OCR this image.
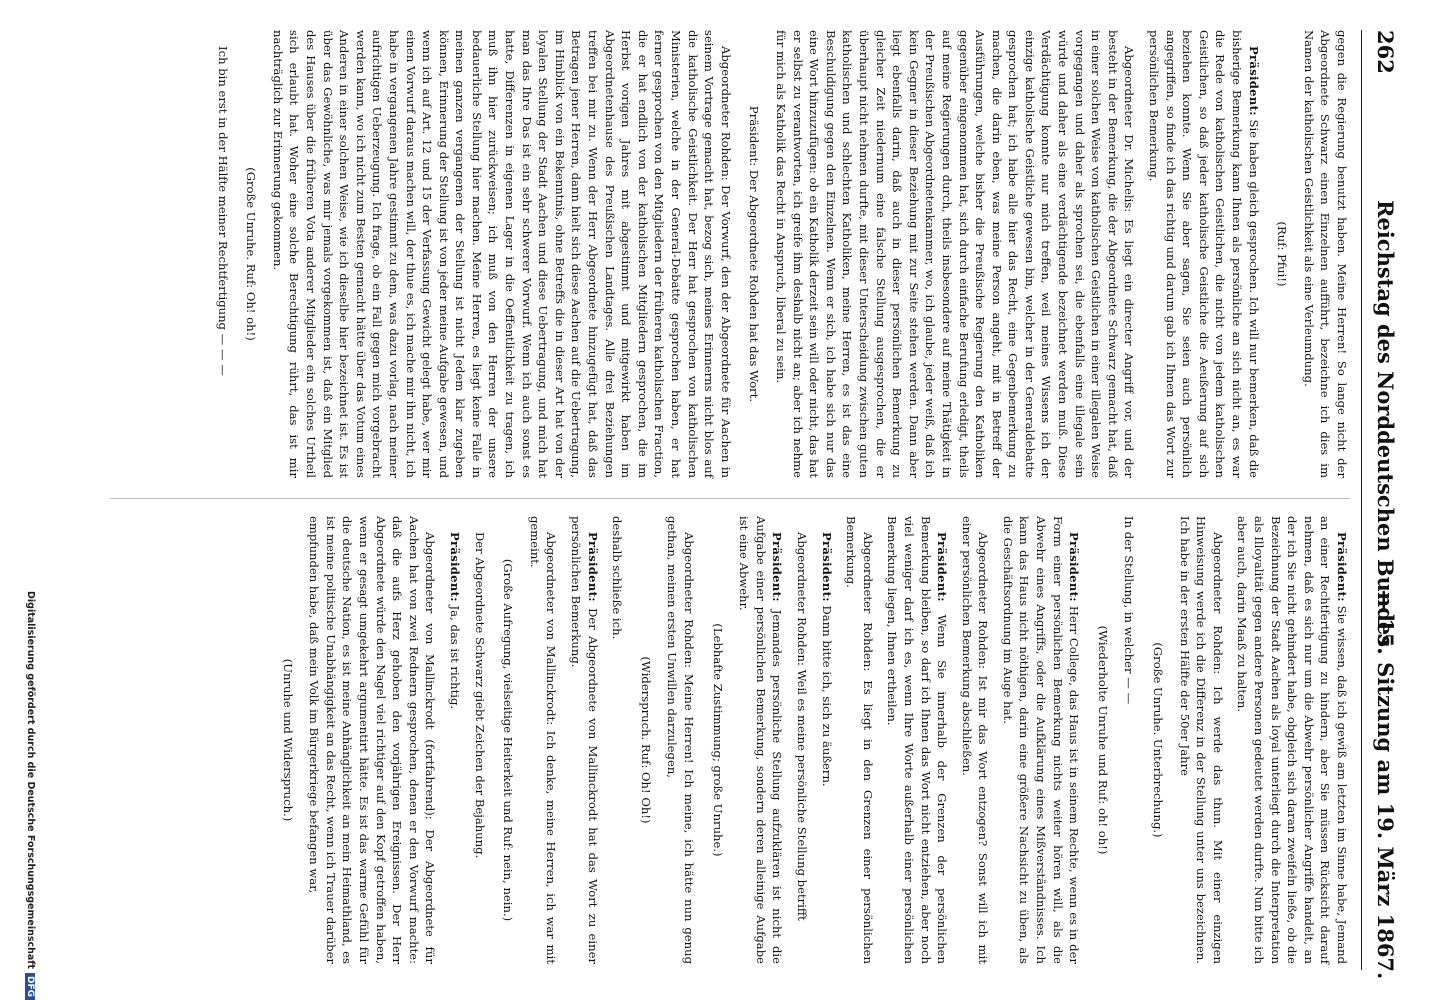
262
Reichstag des Norddeutschen Bundes.
— 15. Sitzung am 19. März 1867.

gegen die Regierung benutzt haben. Meine Herren! So lange nicht der Abgeordnete Schwarz einen Einzelnen aufführt, bezeichne ich dies im Namen der katholischen Geistlichkeit als eine Verleumdung.

(Ruf: Pfui!)

Präsident: Sie haben gleich gesprochen. Ich will nur bemerken, daß die bisherige Bemerkung kann Ihnen als persönliche an sich nicht an, es war die Rede von katholischen Geistlichen, die nicht von jedem katholischen Geistlichen, so daß jeder katholische Geistliche die Aeußerung auf sich beziehen konnte. Wenn Sie aber sagen, Sie seien auch persönlich angegriffen, so finde ich das richtig und darum gab ich Ihnen das Wort zur persönlichen Bemerkung.

Abgeordneter Dr. Michelis: Es liegt ein directer Angriff vor, und der besteht in der Bemerkung, die der Abgeordnete Schwarz gemacht hat, daß in einer solchen Weise von katholischen Geistlichen in einer illegalen Weise vorgegangen und daher als sprochen sei, die ebenfalls eine illegale sein würde und daher als eine verdächtigende bezeichnet werden muß. Diese Verdächtigung konnte nur mich treffen, weil meines Wissens ich der einzige katholische Geistliche gewesen bin, welcher in der Generaldebatte gesprochen hat; ich habe alle hier das Recht, eine Gegenbemerkung zu machen, die darin eben, was meine Person angeht, mit in Betreff der Ausführungen, welche bisher die Preußische Regierung den Katholiken gegenüber eingenommen hat, sich durch einfache Berufung erledigt, theils auf meine Regierungen durch, theils insbesondere auf meine Thätigkeit in der Preußischen Abgeordnetenkammer, wo, ich glaube, jeder weiß, daß ich kein Gegner in dieser Beziehung mit zur Seite stehen werden. Dann aber liegt ebenfalls darin, daß auch in dieser persönlichen Bemerkung zu gleicher Zeit niedernum eine falsche Stellung ausgesprochen, die er überhaupt nicht nehmen durfte, mit dieser Unterscheidung zwischen guten katholischen und schlechten Katholiken, meine Herren, es ist das eine Beschuldigung gegen den Einzelnen. Wenn er sich, ich habe sich nur das eine Wort hinzuzufügen: ob ein Katholik derzeit sein will oder nicht, das hat er selbst zu verantworten, ich greife ihm deshalb nicht an; aber ich nehme für mich als Katholik das Recht in Anspruch, liberal zu sein.

Präsident: Der Abgeordnete Rohden hat das Wort.

Abgeordneter Rohden: Der Vorwurf, den der Abgeordnete für Aachen in seinem Vortrage gemacht hat, bezog sich, meines Erinnerns nicht blos auf die katholische Geistlichkeit. Der Herr hat gesprochen von katholischen Ministerien, welche in der General-Debatte gesprochen haben, er hat ferner gesprochen von den Mitgliedern der früheren katholischen Fraction, die er hat endlich von der katholischen Mitgliedern gesprochen, die im Herbst vorigen Jahres mit abgestimmt und mitgewirkt haben im Abgeordnetenhause des Preußischen Landtages. Alle drei Beziehungen treffen bei mir zu. Wenn der Herr Abgeordnete hinzugefügt hat, daß das Betragen jener Herren, dann hielt sich diese Aachen auf die Uebertragung, im Hinblick von ein Bekenntnis, ohne Betreffs die in dieser Art hat von der loyalen Stellung der Stadt Aachen und diese Uebertragung, und mich hat man das Ihre Das ist ein sehr schwerer Vorwurf. Wenn ich auch sonst es hatte, Differenzen in eigenen Lager in die Oeffentlichkeit zu tragen, ich muß ihn hier zurückweisen; ich muß von den Herren der unsere bedauerliche Stellung hier machen. Meine Herren, es liegt keine Falle in meinen ganzen vergangenen der Stellung ist nicht Jedem klar zugeben können, Erinnerung der Stellung ist von jeder meine Aufgabe gewesen, und wenn ich auf Art. 12 und 15 der Verfassung Gewicht gelegt habe, wer mir einen Vorwurf daraus machen will, der thue es, ich mache mir ihn nicht, ich habe in vergangenen Jahre gestimmt zu dem, was dazu vorlag, nach meiner aufrichtigen Ueberzeugung. Ich frage, ob ein Fall gegen mich vorgebracht werden kann, wo ich nicht zum Besten gemacht hätte über das Votum eines Anderen in einer solchen Weise, wie ich dieselbe hier bezeichnet ist. Es ist über das Gewöhnliche, was mir jemals vorgekommen ist, daß ein Mitglied des Hauses über die früheren Vota anderer Mitglieder ein solches Urtheil sich erlaubt hat. Woher eine solche Berechtigung rührt, das ist mir nachträglich zur Erinnerung gekommen.

(Große Unruhe. Ruf: Oh! oh!)

Ich bin erst in der Hälfte meiner Rechtfertigung — — —

Präsident: Sie wissen, daß ich gewiß am letzten im Sinne habe, Jemand an einer Rechtfertigung zu hindern, aber Sie müssen Rücksicht darauf nehmen, daß es sich nur um die Abwehr persönlicher Angriffe handelt, an der ich Sie nicht gehindert habe, obgleich sich daran zweifeln ließe, ob die Bezeichnung der Stadt Aachen als loyal unterliegt durch die Interpretation als Illoyalität gegen andere Personen gedeutet werden durfte. Nun bitte ich aber auch, darin Maaß zu halten.

Abgeordneter Rohden: Ich werde das thun. Mit einer einzigen Hinweisung werde ich die Differenz in der Stellung unter uns bezeichnen. Ich habe in der ersten Hälfte der 50er Jahre

(Große Unruhe. Unterbrechung.)

In der Stellung, in welcher — —

(Wiederholte Unruhe und Ruf: oh! oh!)

Präsident: Herr College, das Haus ist in seinem Rechte, wenn es in der Form einer persönlichen Bemerkung nichts weiter hören will, als die Abwehr eines Angriffs, oder die Aufklärung eines Mißverständnisses. Ich kann das Haus nicht nöthigen, darin eine größere Nachsicht zu üben, als die Geschäftsordnung im Auge hat.

Abgeordneter Rohden: Ist mir das Wort entzogen? Sonst will ich mit einer persönlichen Bemerkung abschließen.

Präsident: Wenn Sie innerhalb der Grenzen der persönlichen Bemerkung bleiben, so darf ich Ihnen das Wort nicht entziehen, aber noch viel weniger darf ich es, wenn Ihre Worte außerhalb einer persönlichen Bemerkung liegen, Ihnen ertheilen.

Abgeordneter Rohden: Es liegt in den Grenzen einer persönlichen Bemerkung.

Präsident: Dann bitte ich, sich zu äußern.

Abgeordneter Rohden: Weil es meine persönliche Stellung betrifft

Präsident: Jemandes persönliche Stellung aufzuklären ist nicht die Aufgabe einer persönlichen Bemerkung, sondern deren alleinige Aufgabe ist eine Abwehr.

(Lebhafte Zustimmung; große Unruhe.)

Abgeordneter Rohden: Meine Herren! Ich meine, ich hätte nun genug gethan, meinen ersten Unwillen darzulegen,

(Widerspruch. Ruf: Oh! Oh!)

deshalb schließe ich.

Präsident: Der Abgeordnete von Mallinckrodt hat das Wort zu einer persönlichen Bemerkung.

Abgeordneter von Mallinckrodt: Ich denke, meine Herren, ich war mit gemeint.

(Große Aufregung, vielseitige Heiterkeit und Ruf: nein, nein.)

Der Abgeordnete Schwarz giebt Zeichen der Bejahung.

Präsident: Ja, das ist richtig.

Abgeordneter von Mallinckrodt (fortfahrend): Der Abgeordnete für Aachen hat von zwei Rednern gesprochen, denen er den Vorwurf machte: daß die aufs Herz gehoben den vorjährigen Ereignissen. Der Herr Abgeordnete würde den Nagel viel richtiger auf den Kopf getroffen haben, wenn er gesagt umgekehrt argumentirt hätte. Es ist das warme Gefühl für die deutsche Nation, es ist meine Anhänglichkeit an mein Heimathland, es ist meine politische Unabhängigkeit an das Recht, wenn ich Trauer darüber empfunden habe, daß mein Volk im Bürgerkriege befangen war,

(Unruhe und Widerspruch.)

Digitalisierung gefördert durch die Deutsche ForschungsgemeinschaftDFG
